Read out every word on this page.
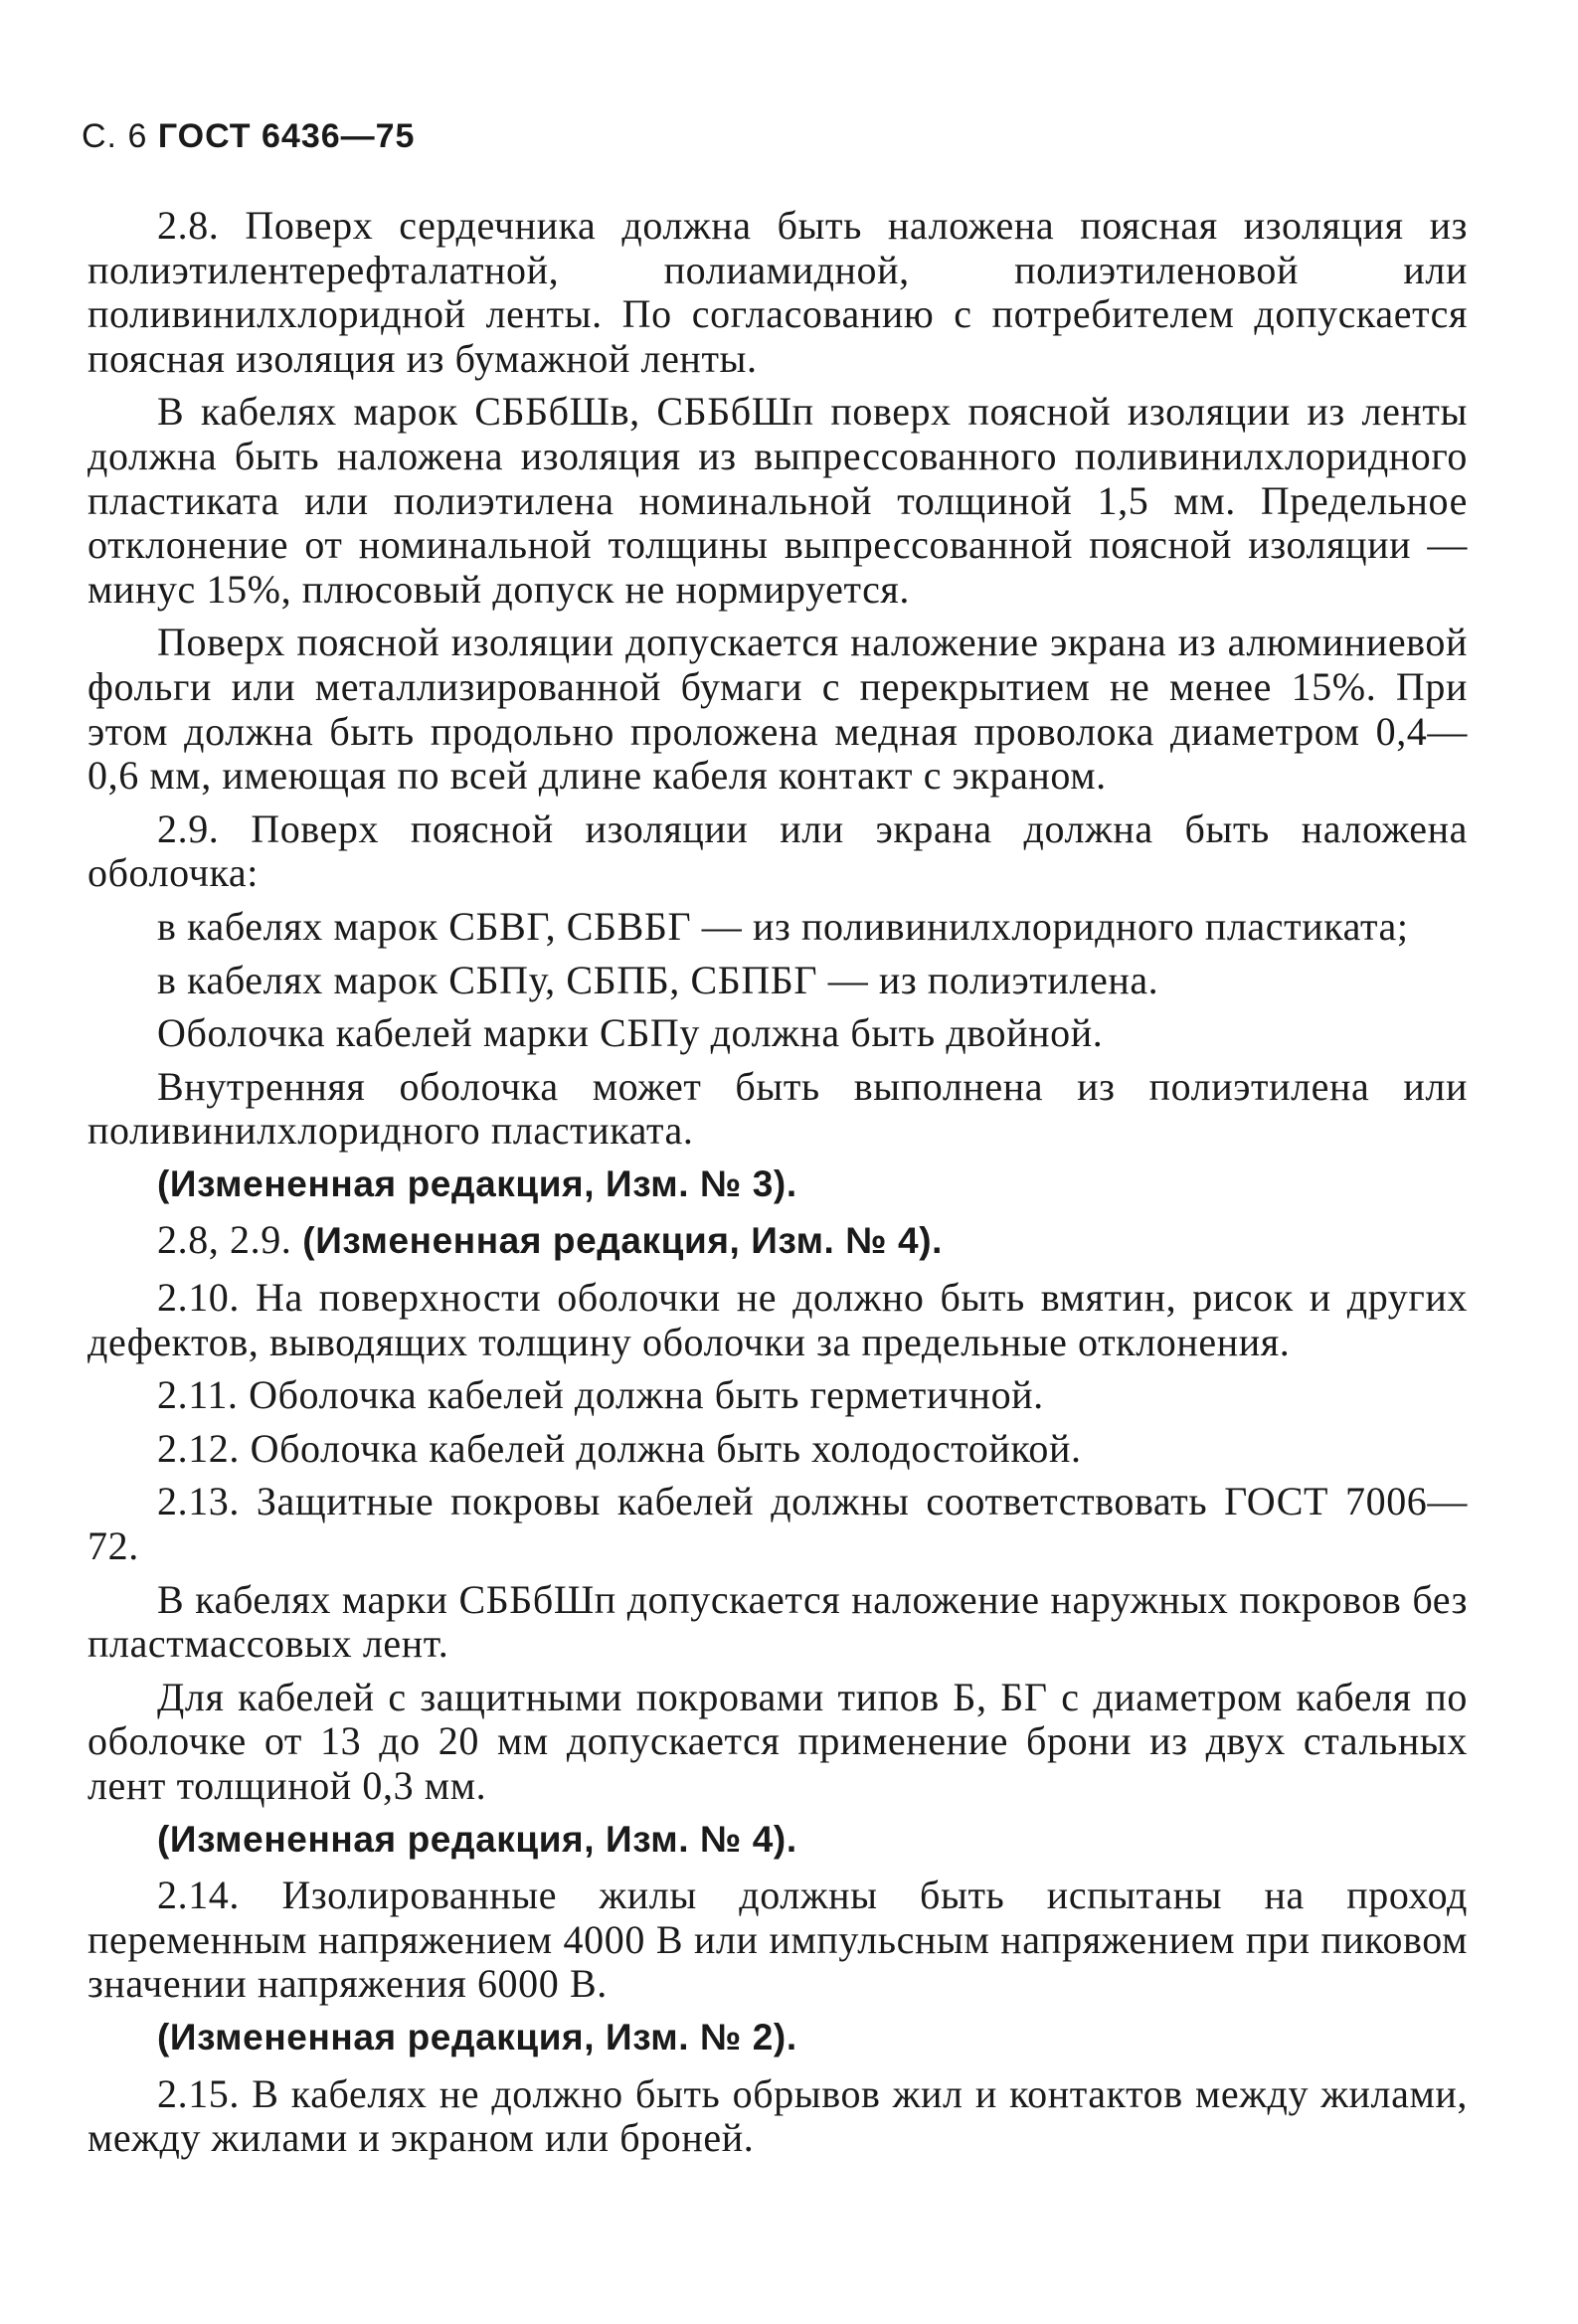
С. 6 ГОСТ 6436—75

2.8. Поверх сердечника должна быть наложена поясная изоляция из полиэтилентерефталатной, полиамидной, полиэтиленовой или поливинилхлоридной ленты. По согласованию с потребителем допускается поясная изоляция из бумажной ленты.

В кабелях марок СББбШв, СББбШп поверх поясной изоляции из ленты должна быть наложена изоляция из выпрессованного поливинилхлоридного пластиката или полиэтилена номинальной толщиной 1,5 мм. Предельное отклонение от номинальной толщины выпрессованной поясной изоляции — минус 15%, плюсовый допуск не нормируется.

Поверх поясной изоляции допускается наложение экрана из алюминиевой фольги или металлизированной бумаги с перекрытием не менее 15%. При этом должна быть продольно проложена медная проволока диаметром 0,4—0,6 мм, имеющая по всей длине кабеля контакт с экраном.

2.9. Поверх поясной изоляции или экрана должна быть наложена оболочка:

в кабелях марок СБВГ, СБВБГ — из поливинилхлоридного пластиката;

в кабелях марок СБПу, СБПБ, СБПБГ — из полиэтилена.

Оболочка кабелей марки СБПу должна быть двойной.

Внутренняя оболочка может быть выполнена из полиэтилена или поливинилхлоридного пластиката.

(Измененная редакция, Изм. № 3).

2.8, 2.9. (Измененная редакция, Изм. № 4).

2.10. На поверхности оболочки не должно быть вмятин, рисок и других дефектов, выводящих толщину оболочки за предельные отклонения.

2.11. Оболочка кабелей должна быть герметичной.

2.12. Оболочка кабелей должна быть холодостойкой.

2.13. Защитные покровы кабелей должны соответствовать ГОСТ 7006—72.

В кабелях марки СББбШп допускается наложение наружных покровов без пластмассовых лент.

Для кабелей с защитными покровами типов Б, БГ с диаметром кабеля по оболочке от 13 до 20 мм допускается применение брони из двух стальных лент толщиной 0,3 мм.

(Измененная редакция, Изм. № 4).

2.14. Изолированные жилы должны быть испытаны на проход переменным напряжением 4000 В или импульсным напряжением при пиковом значении напряжения 6000 В.

(Измененная редакция, Изм. № 2).

2.15. В кабелях не должно быть обрывов жил и контактов между жилами, между жилами и экраном или броней.
